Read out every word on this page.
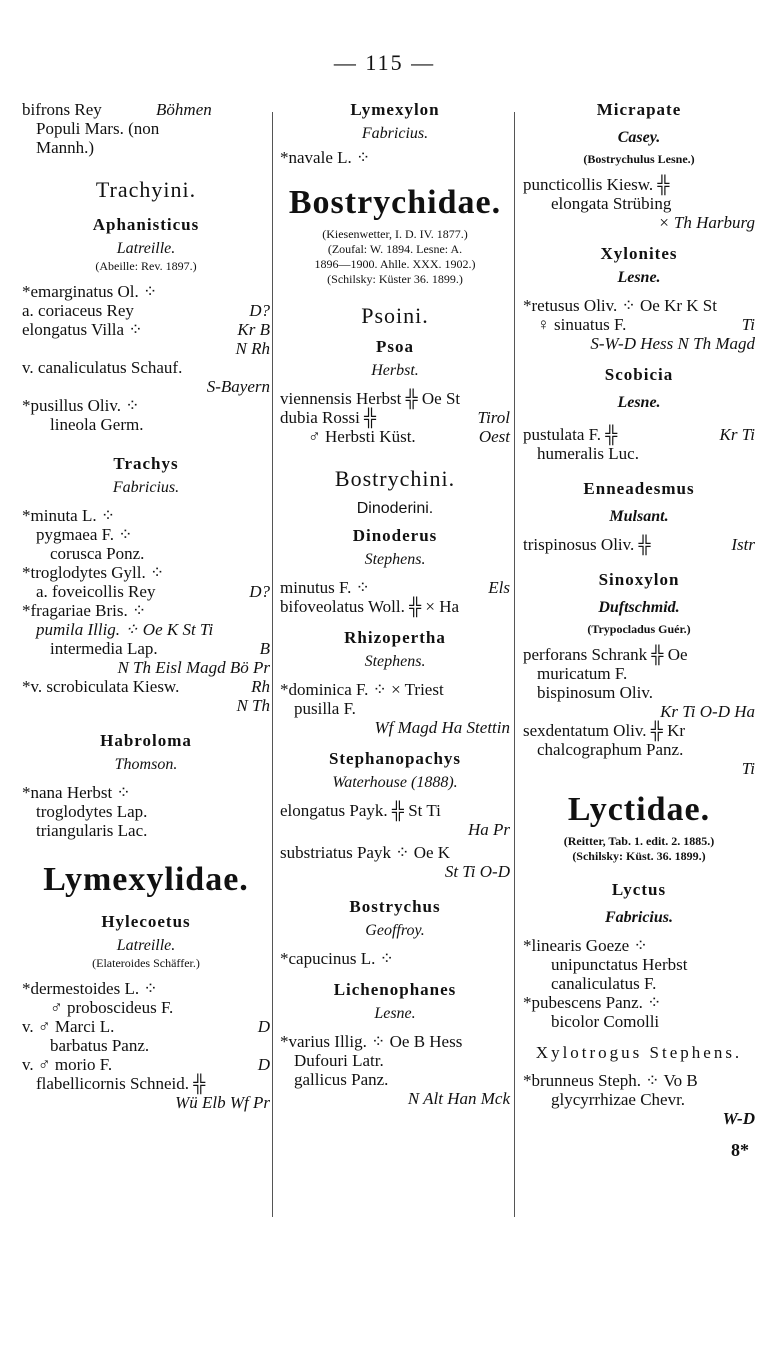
— 115 —
bifrons Rey	Böhmen
Populi Mars. (non
Mannh.)
Trachyini.
Aphanisticus
Latreille.
(Abeille: Rev. 1897.)
*emarginatus Ol. ⁘
a. coriaceus Rey	D?
elongatus Villa ⁘	Kr B
N Rh
v. canaliculatus Schauf.
S-Bayern
*pusillus Oliv. ⁘
lineola Germ.
Trachys
Fabricius.
*minuta L. ⁘
pygmaea F. ⁘
corusca Ponz.
*troglodytes Gyll. ⁘
a. foveicollis Rey	D?
*fragariae Bris. ⁘
pumila Illig. ⁘ Oe K St Ti
intermedia Lap.	B
N Th Eisl Magd Bö Pr
*v. scrobiculata Kiesw.	Rh
N Th
Habroloma
Thomson.
*nana Herbst ⁘
troglodytes Lap.
triangularis Lac.
Lymexylidae.
Hylecoetus
Latreille.
(Elateroides Schäffer.)
*dermestoides L. ⁘
♂ proboscideus F.
v. ♂ Marci L.	D
barbatus Panz.
v. ♂ morio F.	D
flabellicornis Schneid. ╬
Wü Elb Wf Pr
Lymexylon
Fabricius.
*navale L. ⁘
Bostrychidae.
(Kiesenwetter, I. D. IV. 1877.)
(Zoufal: W. 1894. Lesne: A.
1896—1900. Ahlle. XXX. 1902.)
(Schilsky: Küster 36. 1899.)
Psoini.
Psoa
Herbst.
viennensis Herbst ╬ Oe St
dubia Rossi ╬	Tirol
♂ Herbsti Küst.	Oest
Bostrychini.
Dinoderini.
Dinoderus
Stephens.
minutus F. ⁘	Els
bifoveolatus Woll. ╬ × Ha
Rhizopertha
Stephens.
*dominica F. ⁘ × Triest
pusilla F.
Wf Magd Ha Stettin
Stephanopachys
Waterhouse (1888).
elongatus Payk. ╬ St Ti
Ha Pr
substriatus Payk ⁘ Oe K
St Ti O-D
Bostrychus
Geoffroy.
*capucinus L. ⁘
Lichenophanes
Lesne.
*varius Illig. ⁘ Oe B Hess
Dufouri Latr.
gallicus Panz.
N Alt Han Mck
Micrapate
Casey.
(Bostrychulus Lesne.)
puncticollis Kiesw. ╬
elongata Strübing
× Th Harburg
Xylonites
Lesne.
*retusus Oliv. ⁘ Oe Kr K St
♀ sinuatus F.	Ti
S-W-D Hess N Th Magd
Scobicia
Lesne.
pustulata F. ╬	Kr Ti
humeralis Luc.
Enneadesmus
Mulsant.
trispinosus Oliv. ╬	Istr
Sinoxylon
Duftschmid.
(Trypocladus Guér.)
perforans Schrank ╬ Oe
muricatum F.
bispinosum Oliv.
Kr Ti O-D Ha
sexdentatum Oliv. ╬ Kr
chalcographum Panz.
Ti
Lyctidae.
(Reitter, Tab. 1. edit. 2. 1885.)
(Schilsky: Küst. 36. 1899.)
Lyctus
Fabricius.
*linearis Goeze ⁘
unipunctatus Herbst
canaliculatus F.
*pubescens Panz. ⁘
bicolor Comolli
Xylotrogus Stephens.
*brunneus Steph. ⁘ Vo B
glycyrrhizae Chevr.
W-D
8*
